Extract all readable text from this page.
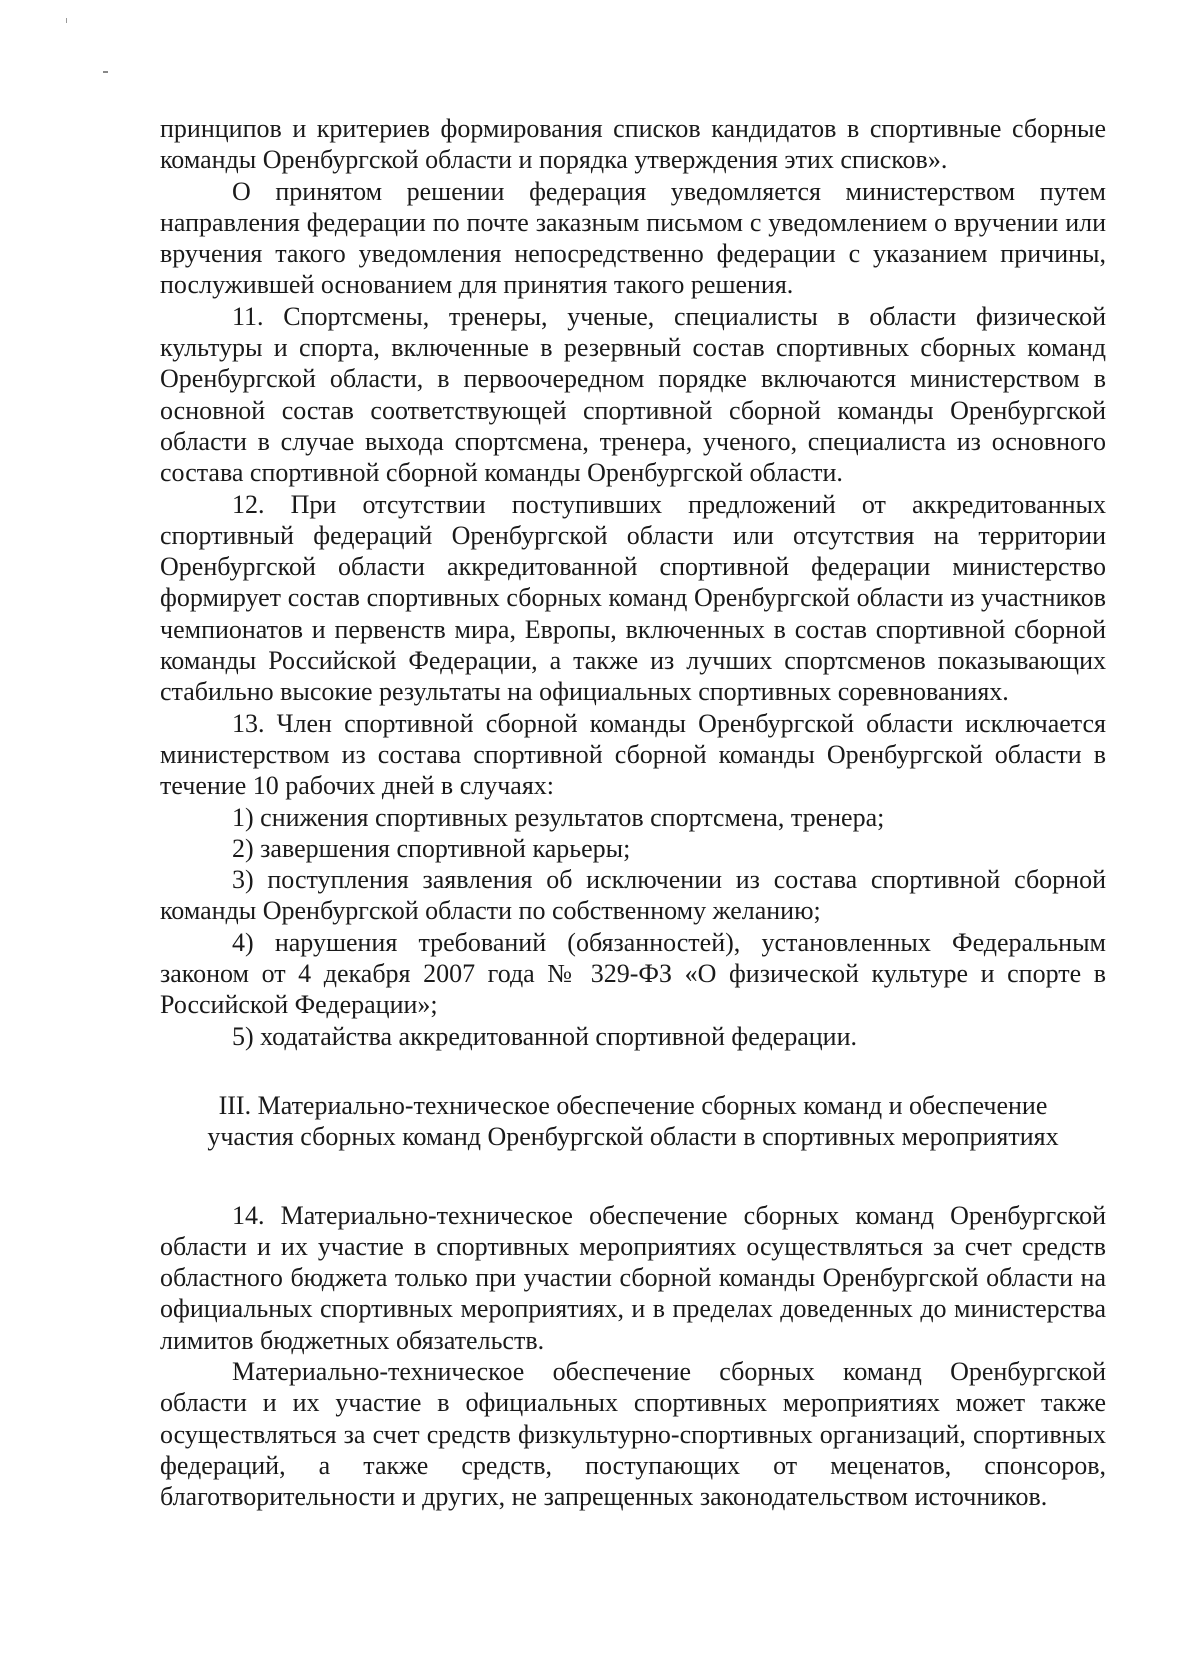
принципов и критериев формирования списков кандидатов в спортивные сборные команды Оренбургской области и порядка утверждения этих списков».

О принятом решении федерация уведомляется министерством путем направления федерации по почте заказным письмом с уведомлением о вручении или вручения такого уведомления непосредственно федерации с указанием причины, послужившей основанием для принятия такого решения.

11. Спортсмены, тренеры, ученые, специалисты в области физической культуры и спорта, включенные в резервный состав спортивных сборных команд Оренбургской области, в первоочередном порядке включаются министерством в основной состав соответствующей спортивной сборной команды Оренбургской области в случае выхода спортсмена, тренера, ученого, специалиста из основного состава спортивной сборной команды Оренбургской области.

12. При отсутствии поступивших предложений от аккредитованных спортивный федераций Оренбургской области или отсутствия на территории Оренбургской области аккредитованной спортивной федерации министерство формирует состав спортивных сборных команд Оренбургской области из участников чемпионатов и первенств мира, Европы, включенных в состав спортивной сборной команды Российской Федерации, а также из лучших спортсменов показывающих стабильно высокие результаты на официальных спортивных соревнованиях.

13. Член спортивной сборной команды Оренбургской области исключается министерством из состава спортивной сборной команды Оренбургской области в течение 10 рабочих дней в случаях:

1) снижения спортивных результатов спортсмена, тренера;

2) завершения спортивной карьеры;

3) поступления заявления об исключении из состава спортивной сборной команды Оренбургской области по собственному желанию;

4) нарушения требований (обязанностей), установленных Федеральным законом от 4 декабря 2007 года № 329-ФЗ «О физической культуре и спорте в Российской Федерации»;

5) ходатайства аккредитованной спортивной федерации.

III. Материально-техническое обеспечение сборных команд и обеспечение
участия сборных команд Оренбургской области в спортивных мероприятиях

14. Материально-техническое обеспечение сборных команд Оренбургской области и их участие в спортивных мероприятиях осуществляться за счет средств областного бюджета только при участии сборной команды Оренбургской области на официальных спортивных мероприятиях, и в пределах доведенных до министерства лимитов бюджетных обязательств.

Материально-техническое обеспечение сборных команд Оренбургской области и их участие в официальных спортивных мероприятиях может также осуществляться за счет средств физкультурно-спортивных организаций, спортивных федераций, а также средств, поступающих от меценатов, спонсоров, благотворительности и других, не запрещенных законодательством источников.
